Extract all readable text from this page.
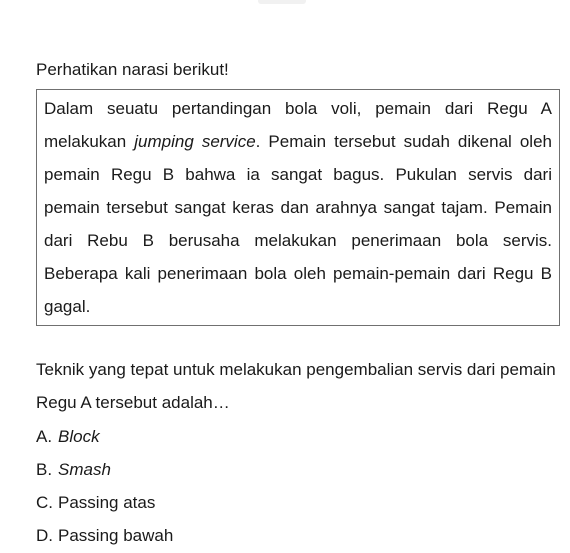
Perhatikan narasi berikut!

Dalam seuatu pertandingan bola voli, pemain dari Regu A melakukan jumping service. Pemain tersebut sudah dikenal oleh pemain Regu B bahwa ia sangat bagus. Pukulan servis dari pemain tersebut sangat keras dan arahnya sangat tajam. Pemain dari Rebu B berusaha melakukan penerimaan bola servis. Beberapa kali penerimaan bola oleh pemain-pemain dari Regu B gagal.

Teknik yang tepat untuk melakukan pengembalian servis dari pemain Regu A tersebut adalah…

A. Block
B. Smash
C. Passing atas
D. Passing bawah
